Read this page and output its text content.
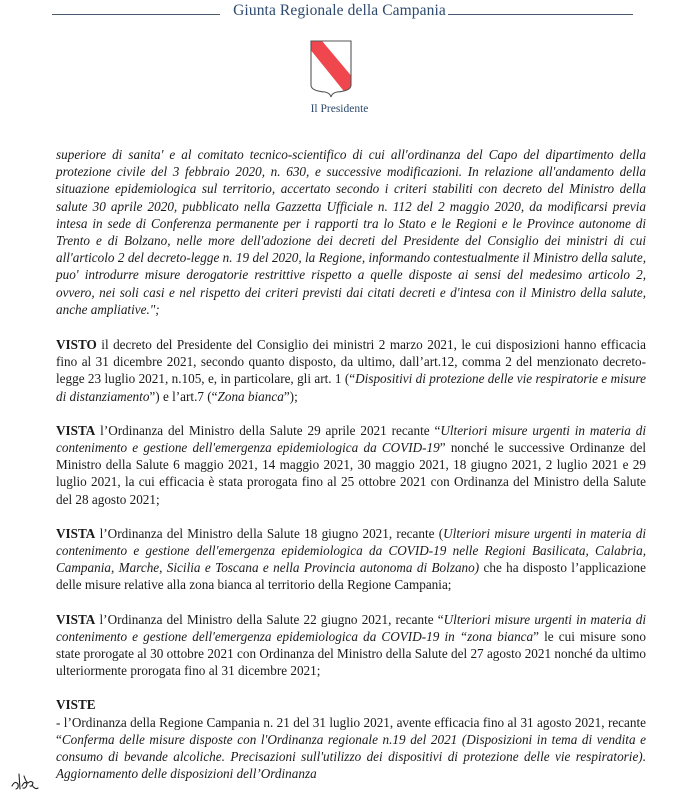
Giunta Regionale della Campania
Il Presidente

superiore di sanita' e al comitato tecnico-scientifico di cui all'ordinanza del Capo del dipartimento della protezione civile del 3 febbraio 2020, n. 630, e successive modificazioni. In relazione all'andamento della situazione epidemiologica sul territorio, accertato secondo i criteri stabiliti con decreto del Ministro della salute 30 aprile 2020, pubblicato nella Gazzetta Ufficiale n. 112 del 2 maggio 2020, da modificarsi previa intesa in sede di Conferenza permanente per i rapporti tra lo Stato e le Regioni e le Province autonome di Trento e di Bolzano, nelle more dell'adozione dei decreti del Presidente del Consiglio dei ministri di cui all'articolo 2 del decreto-legge n. 19 del 2020, la Regione, informando contestualmente il Ministro della salute, puo' introdurre misure derogatorie restrittive rispetto a quelle disposte ai sensi del medesimo articolo 2, ovvero, nei soli casi e nel rispetto dei criteri previsti dai citati decreti e d'intesa con il Ministro della salute, anche ampliative.";

VISTO il decreto del Presidente del Consiglio dei ministri 2 marzo 2021, le cui disposizioni hanno efficacia fino al 31 dicembre 2021, secondo quanto disposto, da ultimo, dall’art.12, comma 2 del menzionato decreto-legge 23 luglio 2021, n.105, e, in particolare, gli art. 1 (“Dispositivi di protezione delle vie respiratorie e misure di distanziamento”) e l’art.7 (“Zona bianca”);

VISTA l’Ordinanza del Ministro della Salute 29 aprile 2021 recante “Ulteriori misure urgenti in materia di contenimento e gestione dell'emergenza epidemiologica da COVID-19” nonché le successive Ordinanze del Ministro della Salute 6 maggio 2021, 14 maggio 2021, 30 maggio 2021, 18 giugno 2021, 2 luglio 2021 e 29 luglio 2021, la cui efficacia è stata prorogata fino al 25 ottobre 2021 con Ordinanza del Ministro della Salute del 28 agosto 2021;

VISTA l’Ordinanza del Ministro della Salute 18 giugno 2021, recante (Ulteriori misure urgenti in materia di contenimento e gestione dell'emergenza epidemiologica da COVID-19 nelle Regioni Basilicata, Calabria, Campania, Marche, Sicilia e Toscana e nella Provincia autonoma di Bolzano) che ha disposto l’applicazione delle misure relative alla zona bianca al territorio della Regione Campania;

VISTA l’Ordinanza del Ministro della Salute 22 giugno 2021, recante “Ulteriori misure urgenti in materia di contenimento e gestione dell'emergenza epidemiologica da COVID-19 in “zona bianca” le cui misure sono state prorogate al 30 ottobre 2021 con Ordinanza del Ministro della Salute del 27 agosto 2021 nonché da ultimo ulteriormente prorogata fino al 31 dicembre 2021;

VISTE
- l’Ordinanza della Regione Campania n. 21 del 31 luglio 2021, avente efficacia fino al 31 agosto 2021, recante “Conferma delle misure disposte con l'Ordinanza regionale n.19 del 2021 (Disposizioni in tema di vendita e consumo di bevande alcoliche. Precisazioni sull'utilizzo dei dispositivi di protezione delle vie respiratorie). Aggiornamento delle disposizioni dell’Ordinanza
